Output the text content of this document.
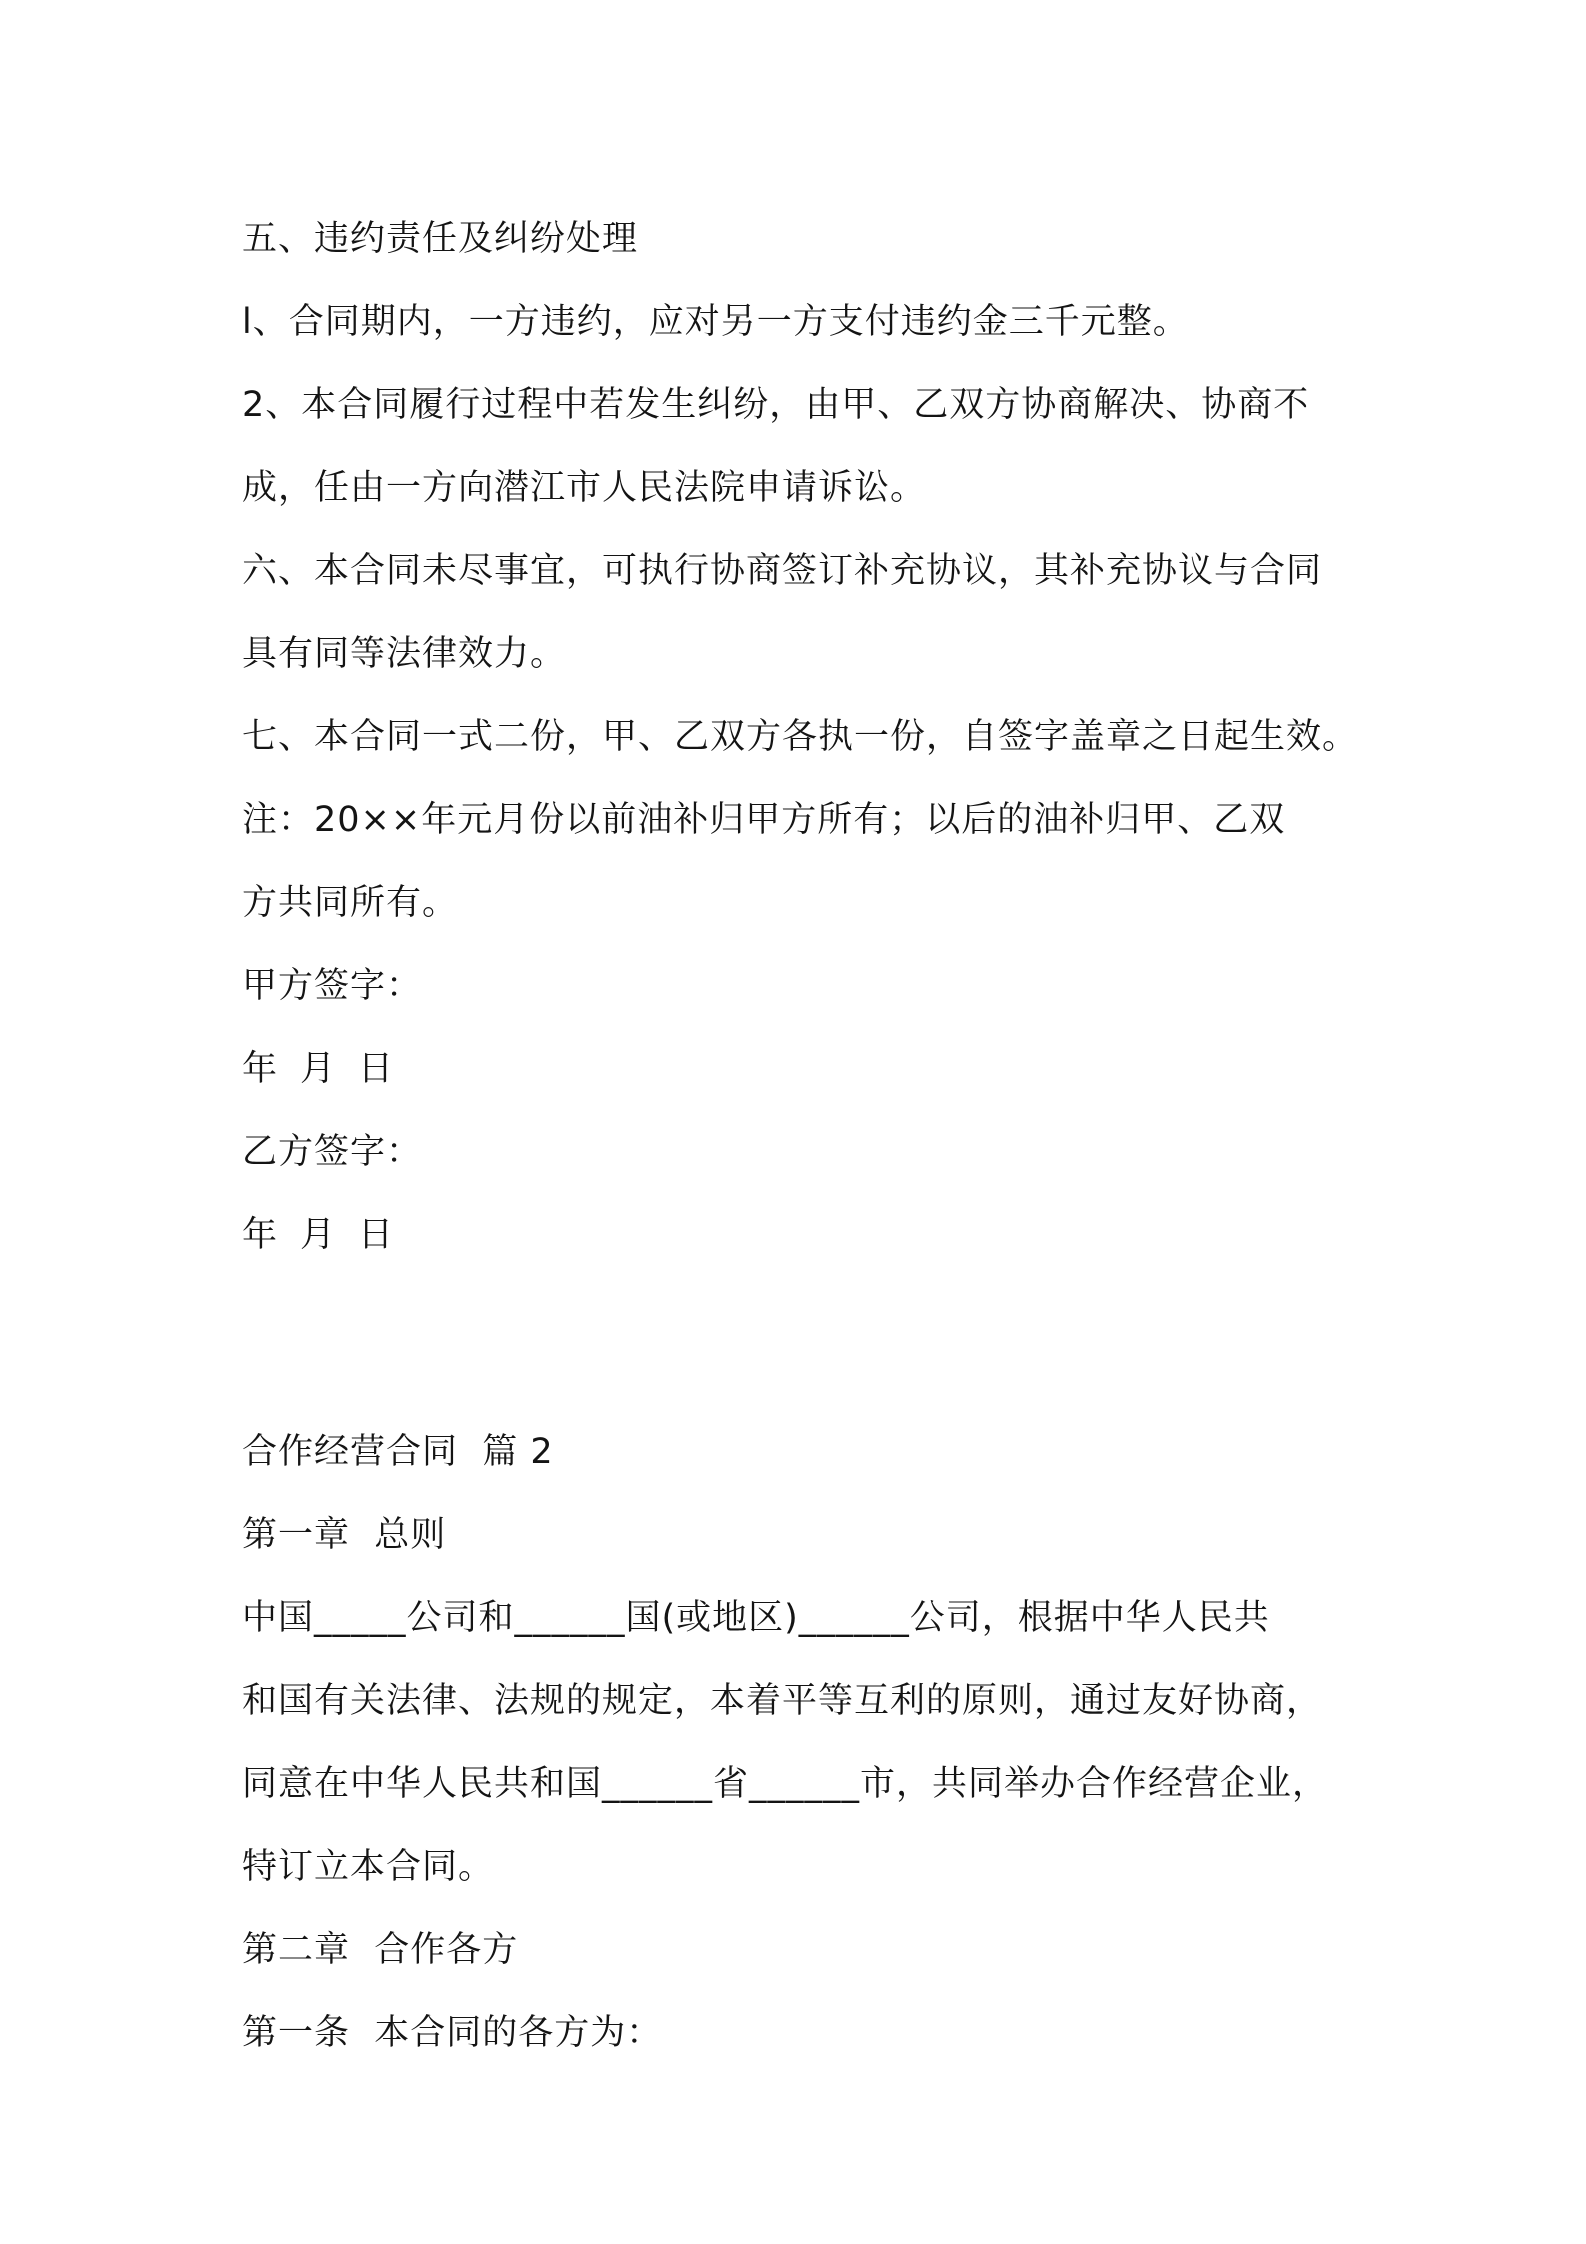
五、违约责任及纠纷处理
l、合同期内，一方违约，应对另一方支付违约金三千元整。
2、本合同履行过程中若发生纠纷，由甲、乙双方协商解决、协商不
成，任由一方向潜江市人民法院申请诉讼。
六、本合同未尽事宜，可执行协商签订补充协议，其补充协议与合同
具有同等法律效力。
七、本合同一式二份，甲、乙双方各执一份，自签字盖章之日起生效。
注：20××年元月份以前油补归甲方所有；以后的油补归甲、乙双
方共同所有。
甲方签字：
年 月 日
乙方签字：
年 月 日
合作经营合同  篇 2
第一章  总则
中国_____公司和______国(或地区)______公司，根据中华人民共
和国有关法律、法规的规定，本着平等互利的原则，通过友好协商，
同意在中华人民共和国______省______市，共同举办合作经营企业，
特订立本合同。
第二章  合作各方
第一条  本合同的各方为：
